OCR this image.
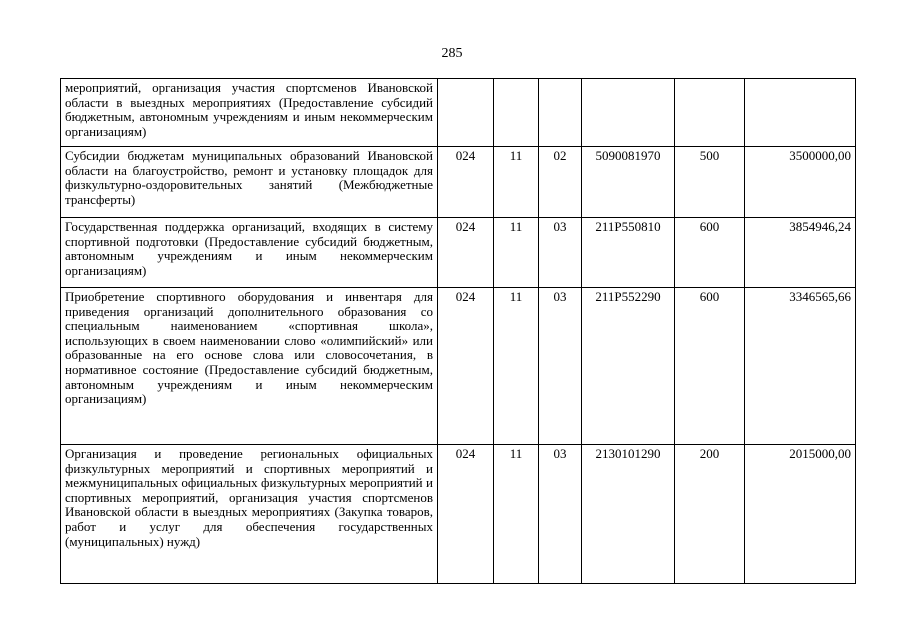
285
мероприятий, организация участия спортсменов Ивановской области в выездных мероприятиях (Предоставление субсидий бюджетным, автономным учреждениям и иным некоммерческим организациям)						
Субсидии бюджетам муниципальных образований Ивановской области на благоустройство, ремонт и установку площадок для физкультурно-оздоровительных занятий (Межбюджетные трансферты)	024	11	02	5090081970	500	3500000,00
Государственная поддержка организаций, входящих в систему спортивной подготовки (Предоставление субсидий бюджетным, автономным учреждениям и иным некоммерческим организациям)	024	11	03	211Р550810	600	3854946,24
Приобретение спортивного оборудования и инвентаря для приведения организаций дополнительного образования со специальным наименованием «спортивная школа», использующих в своем наименовании слово «олимпийский» или образованные на его основе слова или словосочетания, в нормативное состояние (Предоставление субсидий бюджетным, автономным учреждениям и иным некоммерческим организациям)	024	11	03	211Р552290	600	3346565,66
Организация и проведение региональных официальных физкультурных мероприятий и спортивных мероприятий и межмуниципальных официальных физкультурных мероприятий и спортивных мероприятий, организация участия спортсменов Ивановской области в выездных мероприятиях (Закупка товаров, работ и услуг для обеспечения государственных (муниципальных) нужд)	024	11	03	2130101290	200	2015000,00
